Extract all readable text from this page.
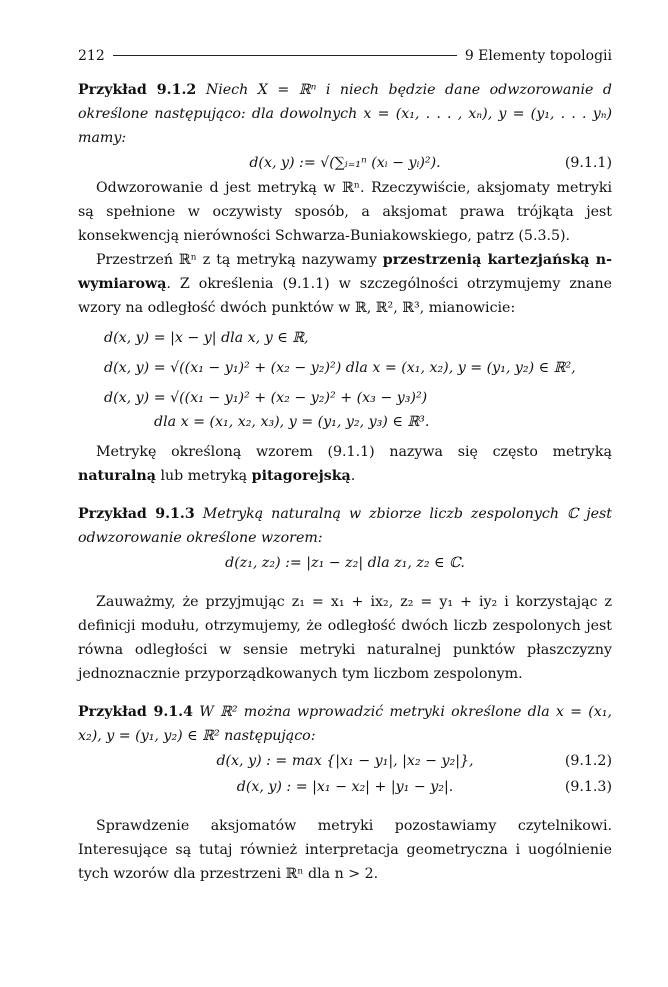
212	9 Elementy topologii

Przykład 9.1.2 Niech X = ℝⁿ i niech będzie dane odwzorowanie d określone następująco: dla dowolnych x = (x₁, . . . , xₙ), y = (y₁, . . . yₙ) mamy:

d(x, y) := √(∑ᵢ₌₁ⁿ (xᵢ − yᵢ)²).	(9.1.1)

Odwzorowanie d jest metryką w ℝⁿ. Rzeczywiście, aksjomaty metryki są spełnione w oczywisty sposób, a aksjomat prawa trójkąta jest konsekwencją nierówności Schwarza-Buniakowskiego, patrz (5.3.5).

Przestrzeń ℝⁿ z tą metryką nazywamy przestrzenią kartezjańską n-wymiarową. Z określenia (9.1.1) w szczególności otrzymujemy znane wzory na odległość dwóch punktów w ℝ, ℝ², ℝ³, mianowicie:

d(x, y) = |x − y| dla x, y ∈ ℝ,
d(x, y) = √((x₁ − y₁)² + (x₂ − y₂)²) dla x = (x₁, x₂), y = (y₁, y₂) ∈ ℝ²,
d(x, y) = √((x₁ − y₁)² + (x₂ − y₂)² + (x₃ − y₃)²)
dla x = (x₁, x₂, x₃), y = (y₁, y₂, y₃) ∈ ℝ³.

Metrykę określoną wzorem (9.1.1) nazywa się często metryką naturalną lub metryką pitagorejską.

Przykład 9.1.3 Metryką naturalną w zbiorze liczb zespolonych ℂ jest odwzorowanie określone wzorem:

d(z₁, z₂) := |z₁ − z₂| dla z₁, z₂ ∈ ℂ.

Zauważmy, że przyjmując z₁ = x₁ + ix₂, z₂ = y₁ + iy₂ i korzystając z definicji modułu, otrzymujemy, że odległość dwóch liczb zespolonych jest równa odległości w sensie metryki naturalnej punktów płaszczyzny jednoznacznie przyporządkowanych tym liczbom zespolonym.

Przykład 9.1.4 W ℝ² można wprowadzić metryki określone dla x = (x₁, x₂), y = (y₁, y₂) ∈ ℝ² następująco:

d(x, y) : = max {|x₁ − y₁|, |x₂ − y₂|},	(9.1.2)
d(x, y) : = |x₁ − x₂| + |y₁ − y₂|.	(9.1.3)

Sprawdzenie aksjomatów metryki pozostawiamy czytelnikowi. Interesujące są tutaj również interpretacja geometryczna i uogólnienie tych wzorów dla przestrzeni ℝⁿ dla n > 2.
